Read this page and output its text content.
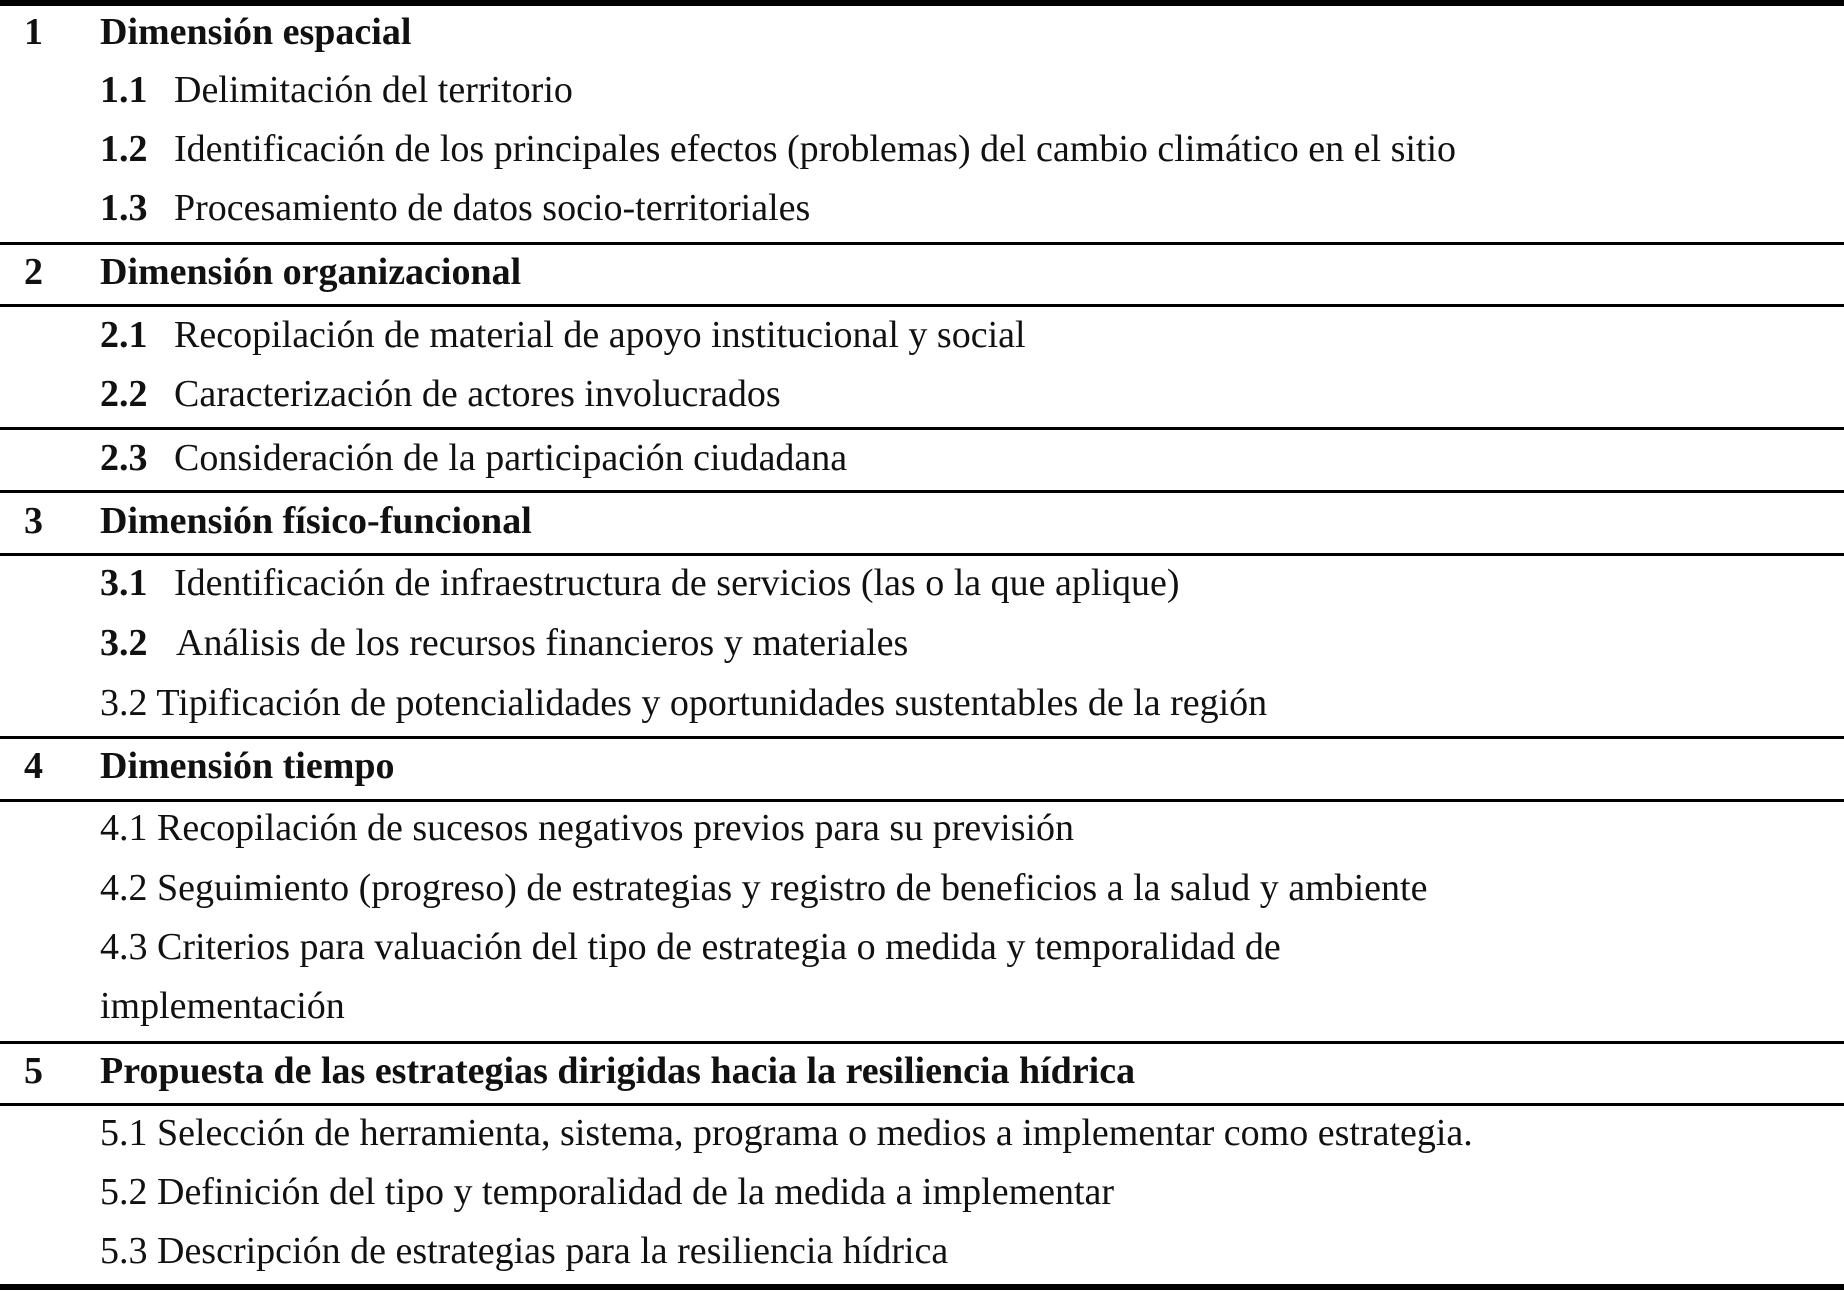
1 Dimensión espacial
1.1 Delimitación del territorio
1.2 Identificación de los principales efectos (problemas) del cambio climático en el sitio
1.3 Procesamiento de datos socio-territoriales
2 Dimensión organizacional
2.1 Recopilación de material de apoyo institucional y social
2.2 Caracterización de actores involucrados
2.3 Consideración de la participación ciudadana
3 Dimensión físico-funcional
3.1 Identificación de infraestructura de servicios (las o la que aplique)
3.2 Análisis de los recursos financieros y materiales
3.2 Tipificación de potencialidades y oportunidades sustentables de la región
4 Dimensión tiempo
4.1 Recopilación de sucesos negativos previos para su previsión
4.2 Seguimiento (progreso) de estrategias y registro de beneficios a la salud y ambiente
4.3 Criterios para valuación del tipo de estrategia o medida y temporalidad de
implementación
5 Propuesta de las estrategias dirigidas hacia la resiliencia hídrica
5.1 Selección de herramienta, sistema, programa o medios a implementar como estrategia.
5.2 Definición del tipo y temporalidad de la medida a implementar
5.3 Descripción de estrategias para la resiliencia hídrica
